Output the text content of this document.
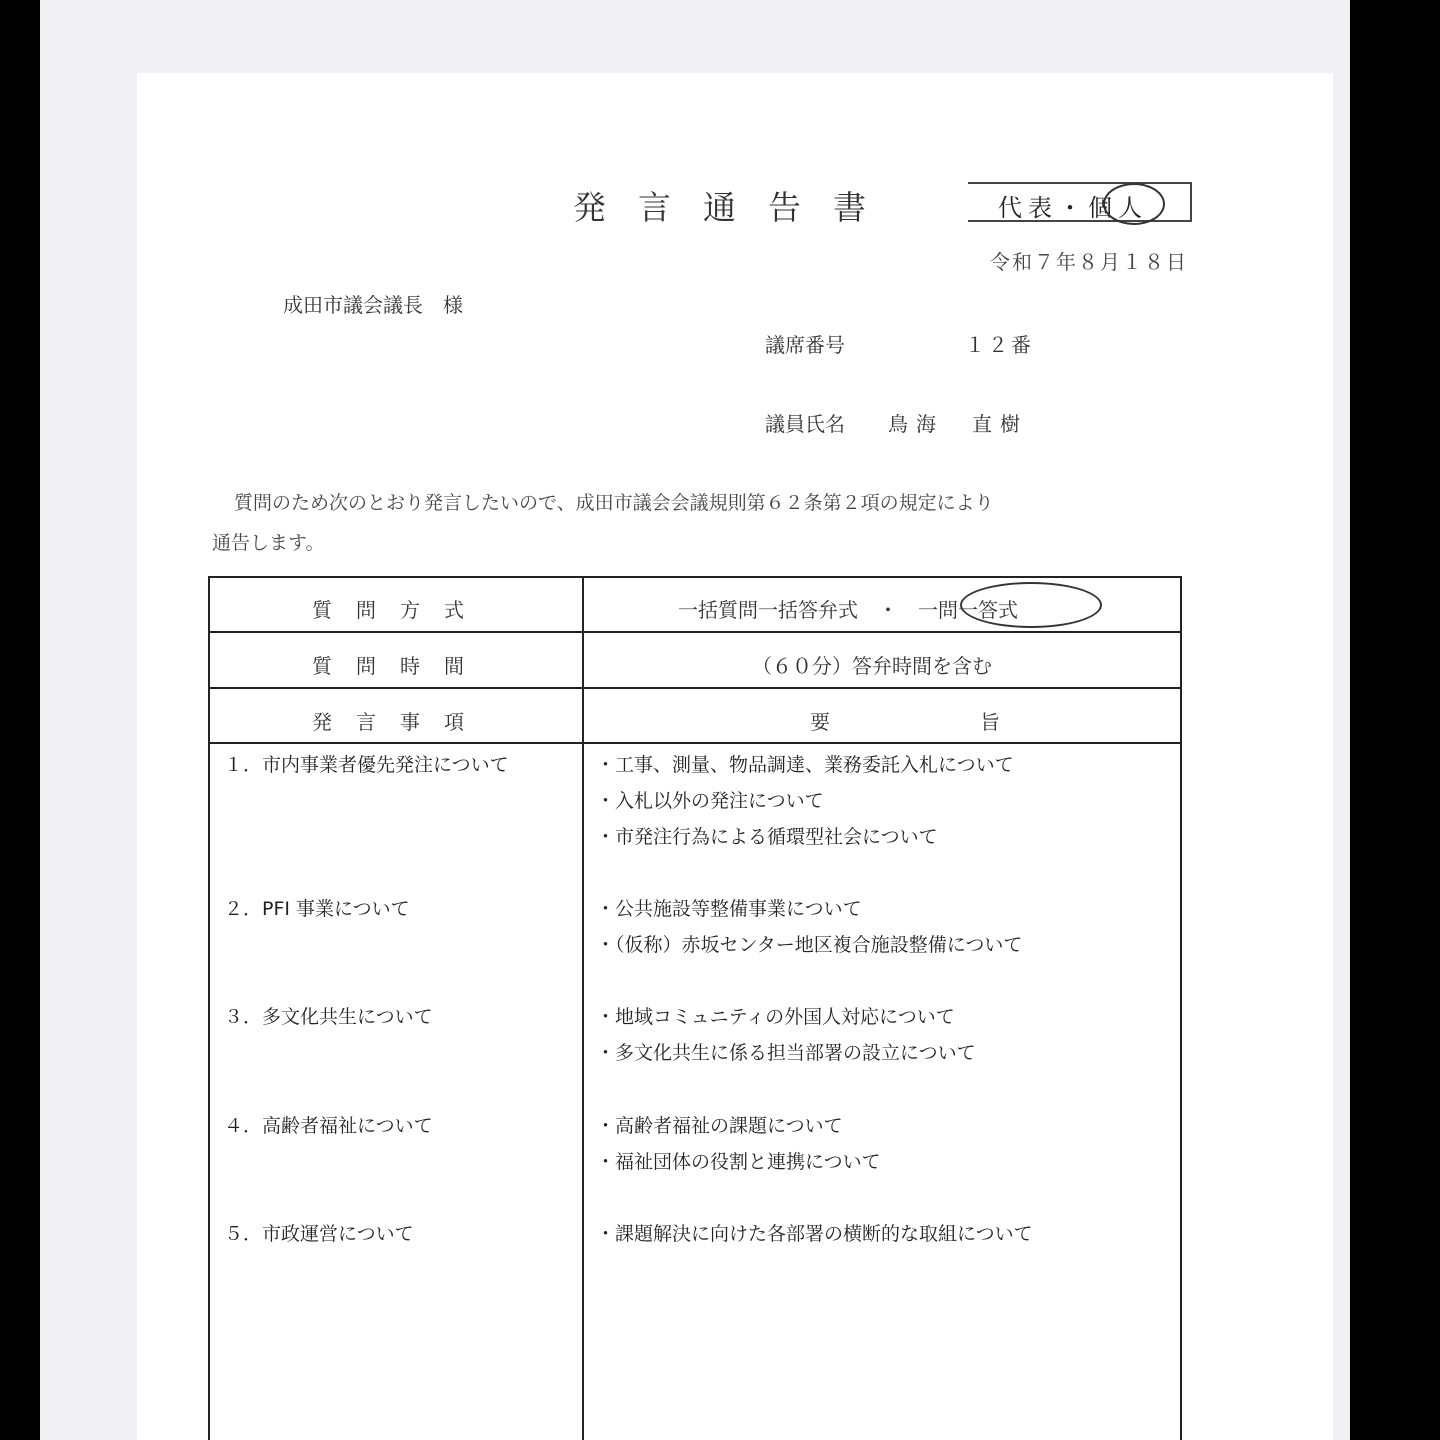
発言通告書	代表・個人
令和７年８月１８日
成田市議会議長　様
議席番号	１２番
議員氏名 鳥海　直樹
質問のため次のとおり発言したいので、成田市議会会議規則第６２条第２項の規定により
通告します。
質問方式	一括質問一括答弁式　・　一問一答式
質問時間	（６０分）答弁時間を含む
発言事項	要旨
１．市内事業者優先発注について	・工事、測量、物品調達、業務委託入札について
・入札以外の発注について
・市発注行為による循環型社会について
２．PFI 事業について	・公共施設等整備事業について
・（仮称）赤坂センター地区複合施設整備について
３．多文化共生について	・地域コミュニティの外国人対応について
・多文化共生に係る担当部署の設立について
４．高齢者福祉について	・高齢者福祉の課題について
・福祉団体の役割と連携について
５．市政運営について	・課題解決に向けた各部署の横断的な取組について
